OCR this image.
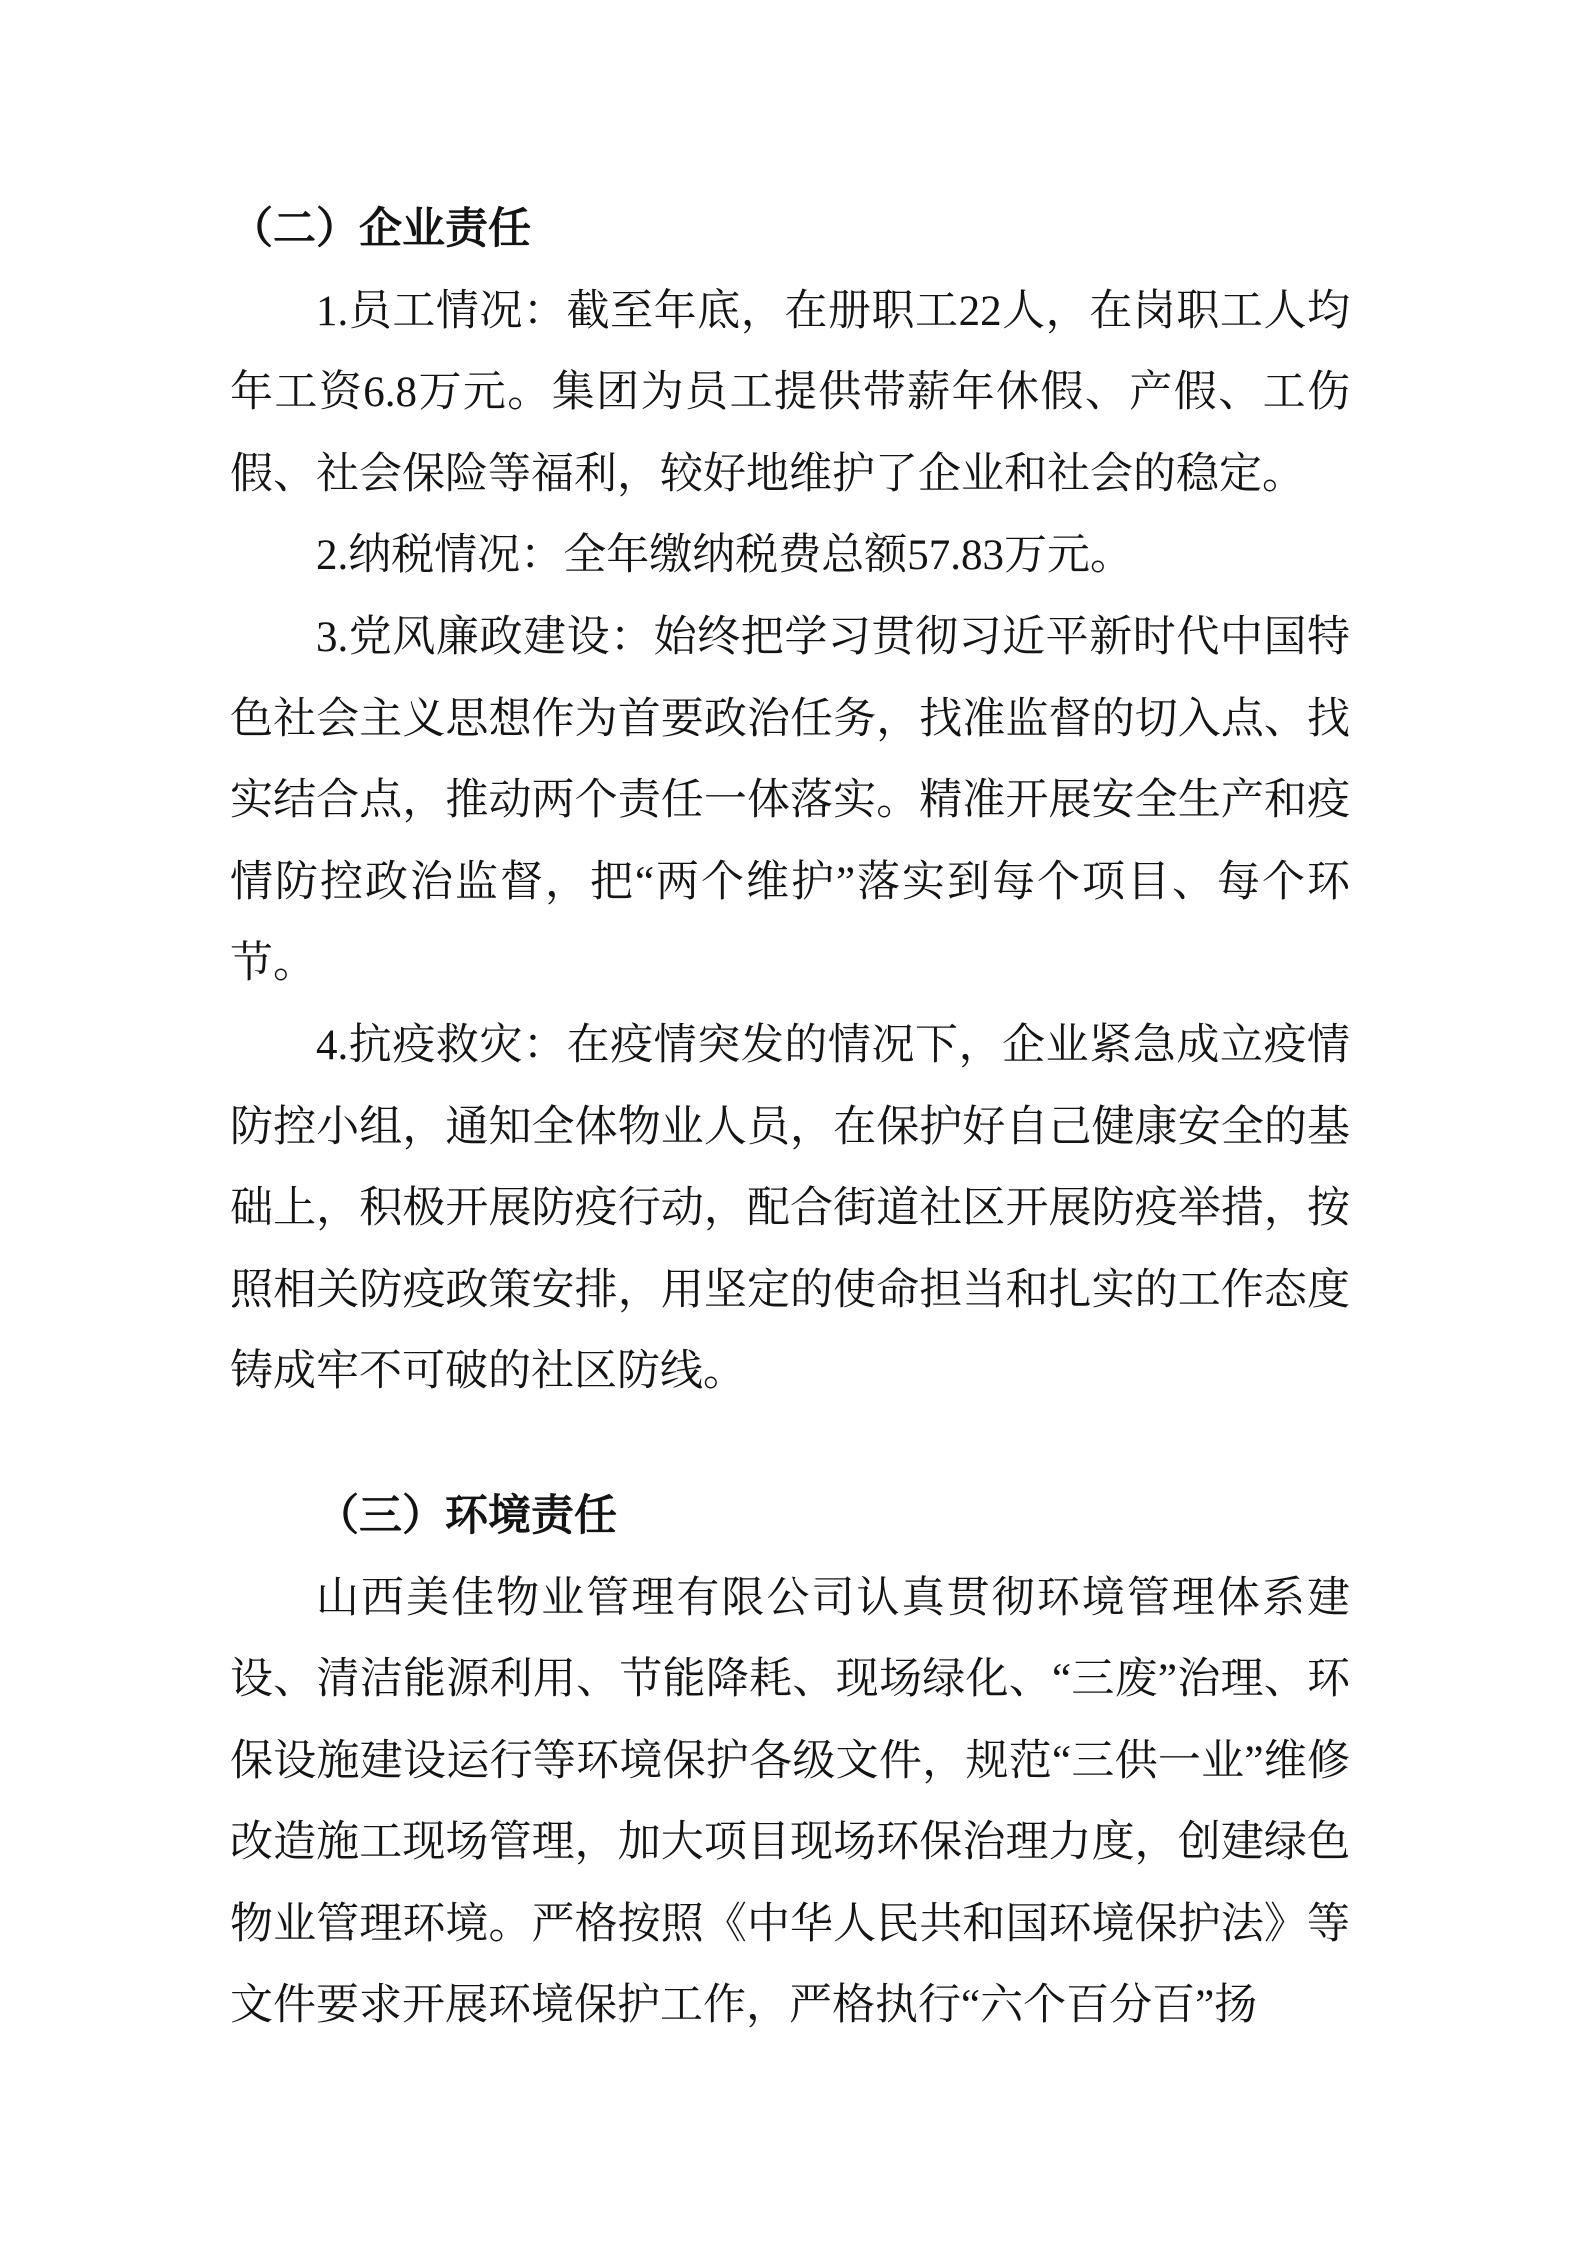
（二）企业责任

1.员工情况：截至年底，在册职工22人，在岗职工人均年工资6.8万元。集团为员工提供带薪年休假、产假、工伤假、社会保险等福利，较好地维护了企业和社会的稳定。

2.纳税情况：全年缴纳税费总额57.83万元。

3.党风廉政建设：始终把学习贯彻习近平新时代中国特色社会主义思想作为首要政治任务，找准监督的切入点、找实结合点，推动两个责任一体落实。精准开展安全生产和疫情防控政治监督，把“两个维护”落实到每个项目、每个环节。

4.抗疫救灾：在疫情突发的情况下，企业紧急成立疫情防控小组，通知全体物业人员，在保护好自己健康安全的基础上，积极开展防疫行动，配合街道社区开展防疫举措，按照相关防疫政策安排，用坚定的使命担当和扎实的工作态度铸成牢不可破的社区防线。

（三）环境责任

山西美佳物业管理有限公司认真贯彻环境管理体系建设、清洁能源利用、节能降耗、现场绿化、“三废”治理、环保设施建设运行等环境保护各级文件，规范“三供一业”维修改造施工现场管理，加大项目现场环保治理力度，创建绿色物业管理环境。严格按照《中华人民共和国环境保护法》等文件要求开展环境保护工作，严格执行“六个百分百”扬
